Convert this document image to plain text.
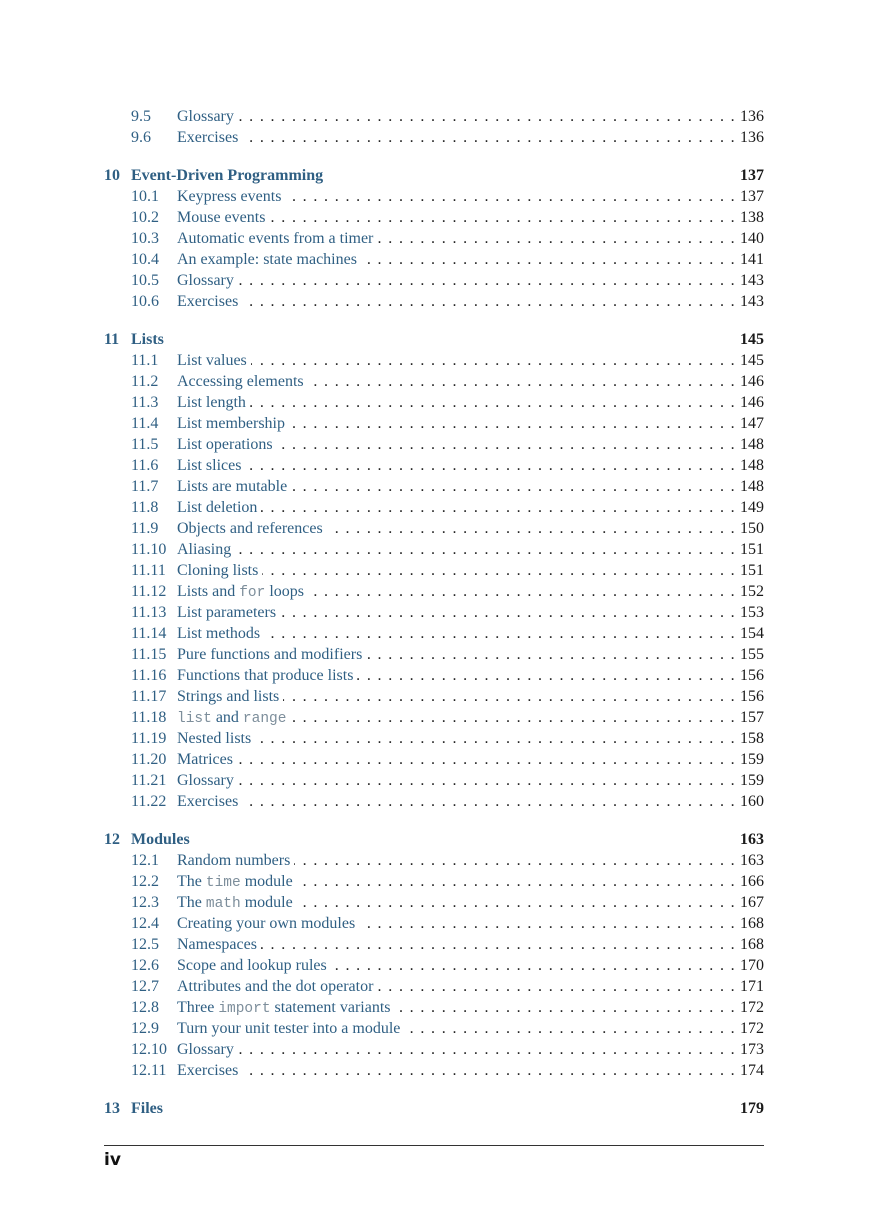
9.5	Glossary . . .	136
9.6	Exercises . . .	136
10 Event-Driven Programming	137
10.1	Keypress events . . .	137
10.2	Mouse events . . .	138
10.3	Automatic events from a timer . . .	140
10.4	An example: state machines . . .	141
10.5	Glossary . . .	143
10.6	Exercises . . .	143
11 Lists	145
11.1	List values . . .	145
11.2	Accessing elements . . .	146
11.3	List length . . .	146
11.4	List membership . . .	147
11.5	List operations . . .	148
11.6	List slices . . .	148
11.7	Lists are mutable . . .	148
11.8	List deletion . . .	149
11.9	Objects and references . . .	150
11.10 Aliasing . . .	151
11.11 Cloning lists . . .	151
11.12 Lists and for loops . . .	152
11.13 List parameters . . .	153
11.14 List methods . . .	154
11.15 Pure functions and modifiers . . .	155
11.16 Functions that produce lists . . .	156
11.17 Strings and lists . . .	156
11.18 list and range . . .	157
11.19 Nested lists . . .	158
11.20 Matrices . . .	159
11.21 Glossary . . .	159
11.22 Exercises . . .	160
12 Modules	163
12.1	Random numbers . . .	163
12.2	The time module . . .	166
12.3	The math module . . .	167
12.4	Creating your own modules . . .	168
12.5	Namespaces . . .	168
12.6	Scope and lookup rules . . .	170
12.7	Attributes and the dot operator . . .	171
12.8	Three import statement variants . . .	172
12.9	Turn your unit tester into a module . . .	172
12.10 Glossary . . .	173
12.11 Exercises . . .	174
13 Files	179
iv
